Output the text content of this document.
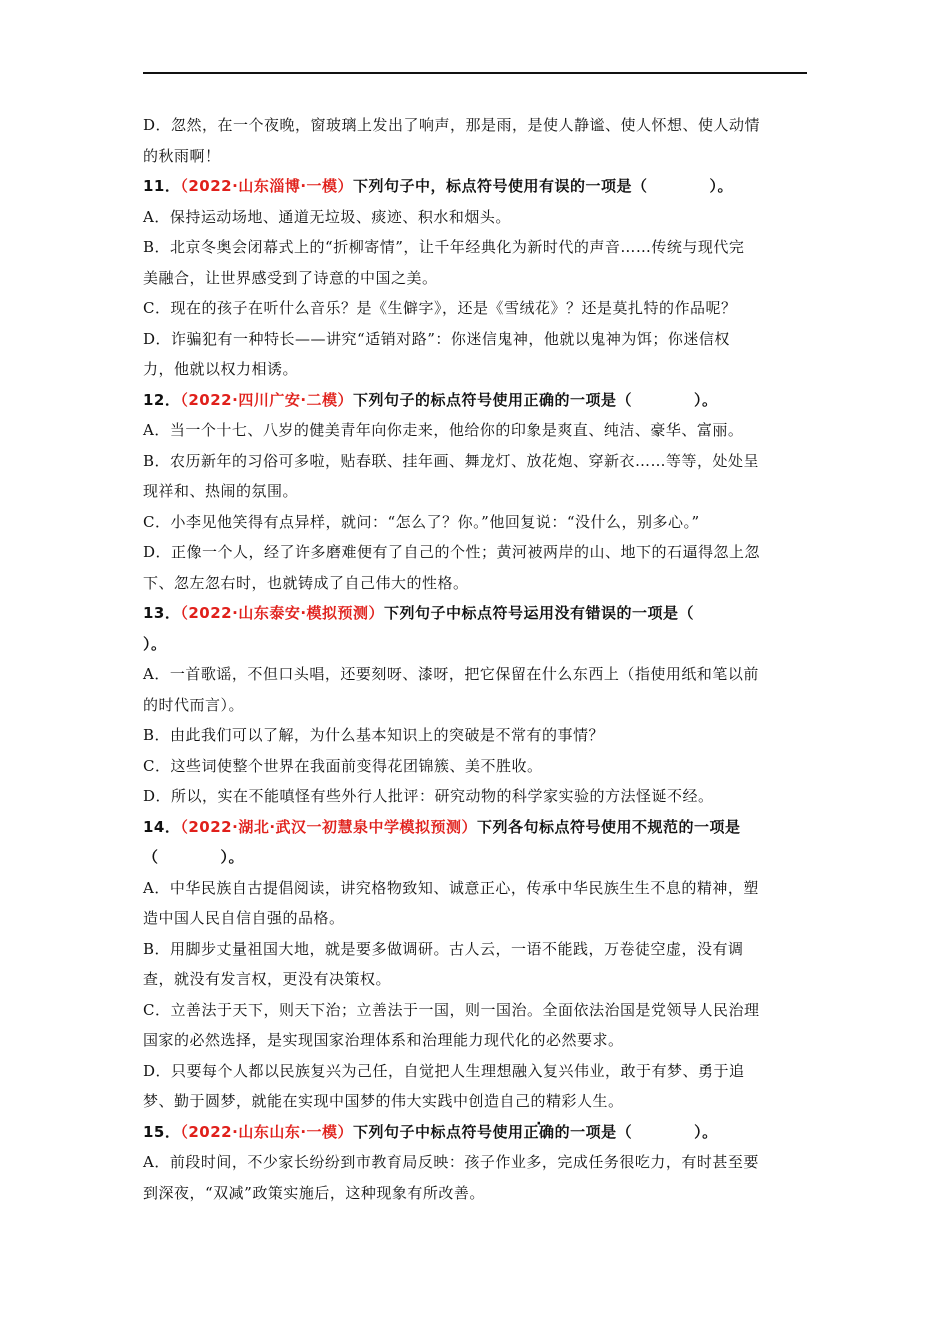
D．忽然，在一个夜晚，窗玻璃上发出了响声，那是雨，是使人静谧、使人怀想、使人动情
的秋雨啊！
11．（2022·山东淄博·一模）下列句子中，标点符号使用有误的一项是（　　　　）。
A．保持运动场地、通道无垃圾、痰迹、积水和烟头。
B．北京冬奥会闭幕式上的“折柳寄情”，让千年经典化为新时代的声音……传统与现代完
美融合，让世界感受到了诗意的中国之美。
C．现在的孩子在听什么音乐？是《生僻字》，还是《雪绒花》？还是莫扎特的作品呢？
D．诈骗犯有一种特长——讲究“适销对路”：你迷信鬼神，他就以鬼神为饵；你迷信权
力，他就以权力相诱。
12．（2022·四川广安·二模）下列句子的标点符号使用正确的一项是（　　　　）。
A．当一个十七、八岁的健美青年向你走来，他给你的印象是爽直、纯洁、豪华、富丽。
B．农历新年的习俗可多啦，贴春联、挂年画、舞龙灯、放花炮、穿新衣……等等，处处呈
现祥和、热闹的氛围。
C．小李见他笑得有点异样，就问：“怎么了？你。”他回复说：“没什么，别多心。”
D．正像一个人，经了许多磨难便有了自己的个性；黄河被两岸的山、地下的石逼得忽上忽
下、忽左忽右时，也就铸成了自己伟大的性格。
13．（2022·山东泰安·模拟预测）下列句子中标点符号运用没有错误的一项是（
）。
A．一首歌谣，不但口头唱，还要刻呀、漆呀，把它保留在什么东西上（指使用纸和笔以前
的时代而言）。
B．由此我们可以了解，为什么基本知识上的突破是不常有的事情？
C．这些词使整个世界在我面前变得花团锦簇、美不胜收。
D．所以，实在不能嗔怪有些外行人批评：研究动物的科学家实验的方法怪诞不经。
14．（2022·湖北·武汉一初慧泉中学模拟预测）下列各句标点符号使用不规范的一项是
（　　　　）。
A．中华民族自古提倡阅读，讲究格物致知、诚意正心，传承中华民族生生不息的精神，塑
造中国人民自信自强的品格。
B．用脚步丈量祖国大地，就是要多做调研。古人云，一语不能践，万卷徒空虚，没有调
查，就没有发言权，更没有决策权。
C．立善法于天下，则天下治；立善法于一国，则一国治。全面依法治国是党领导人民治理
国家的必然选择，是实现国家治理体系和治理能力现代化的必然要求。
D．只要每个人都以民族复兴为己任，自觉把人生理想融入复兴伟业，敢于有梦、勇于追
梦、勤于圆梦，就能在实现中国梦的伟大实践中创造自己的精彩人生。
15．（2022·山东山东·一模）下列句子中标点符号使用正确的一项是（　　　　）。
A．前段时间，不少家长纷纷到市教育局反映：孩子作业多，完成任务很吃力，有时甚至要
到深夜，“双减”政策实施后，这种现象有所改善。
